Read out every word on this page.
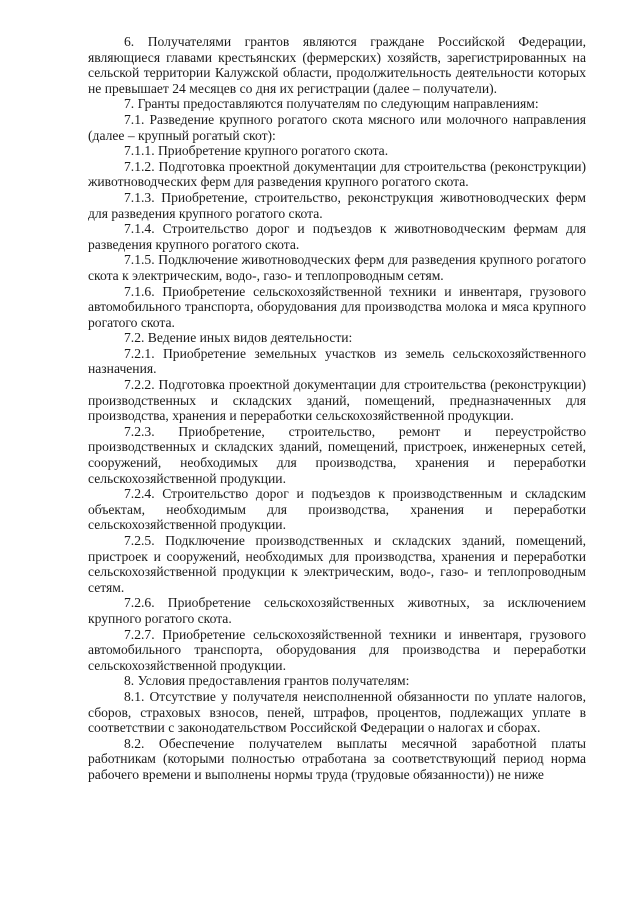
6. Получателями грантов являются граждане Российской Федерации, являющиеся главами крестьянских (фермерских) хозяйств, зарегистрированных на сельской территории Калужской области, продолжительность деятельности которых не превышает 24 месяцев со дня их регистрации (далее – получатели).

7. Гранты предоставляются получателям по следующим направлениям:

7.1. Разведение крупного рогатого скота мясного или молочного направления (далее – крупный рогатый скот):

7.1.1. Приобретение крупного рогатого скота.

7.1.2. Подготовка проектной документации для строительства (реконструкции) животноводческих ферм для разведения крупного рогатого скота.

7.1.3. Приобретение, строительство, реконструкция животноводческих ферм для разведения крупного рогатого скота.

7.1.4. Строительство дорог и подъездов к животноводческим фермам для разведения крупного рогатого скота.

7.1.5. Подключение животноводческих ферм для разведения крупного рогатого скота к электрическим, водо-, газо- и теплопроводным сетям.

7.1.6. Приобретение сельскохозяйственной техники и инвентаря, грузового автомобильного транспорта, оборудования для производства молока и мяса крупного рогатого скота.

7.2. Ведение иных видов деятельности:

7.2.1. Приобретение земельных участков из земель сельскохозяйственного назначения.

7.2.2. Подготовка проектной документации для строительства (реконструкции) производственных и складских зданий, помещений, предназначенных для производства, хранения и переработки сельскохозяйственной продукции.

7.2.3. Приобретение, строительство, ремонт и переустройство производственных и складских зданий, помещений, пристроек, инженерных сетей, сооружений, необходимых для производства, хранения и переработки сельскохозяйственной продукции.

7.2.4. Строительство дорог и подъездов к производственным и складским объектам, необходимым для производства, хранения и переработки сельскохозяйственной продукции.

7.2.5. Подключение производственных и складских зданий, помещений, пристроек и сооружений, необходимых для производства, хранения и переработки сельскохозяйственной продукции к электрическим, водо-, газо- и теплопроводным сетям.

7.2.6. Приобретение сельскохозяйственных животных, за исключением крупного рогатого скота.

7.2.7. Приобретение сельскохозяйственной техники и инвентаря, грузового автомобильного транспорта, оборудования для производства и переработки сельскохозяйственной продукции.

8. Условия предоставления грантов получателям:

8.1. Отсутствие у получателя неисполненной обязанности по уплате налогов, сборов, страховых взносов, пеней, штрафов, процентов, подлежащих уплате в соответствии с законодательством Российской Федерации о налогах и сборах.

8.2. Обеспечение получателем выплаты месячной заработной платы работникам (которыми полностью отработана за соответствующий период норма рабочего времени и выполнены нормы труда (трудовые обязанности)) не ниже
